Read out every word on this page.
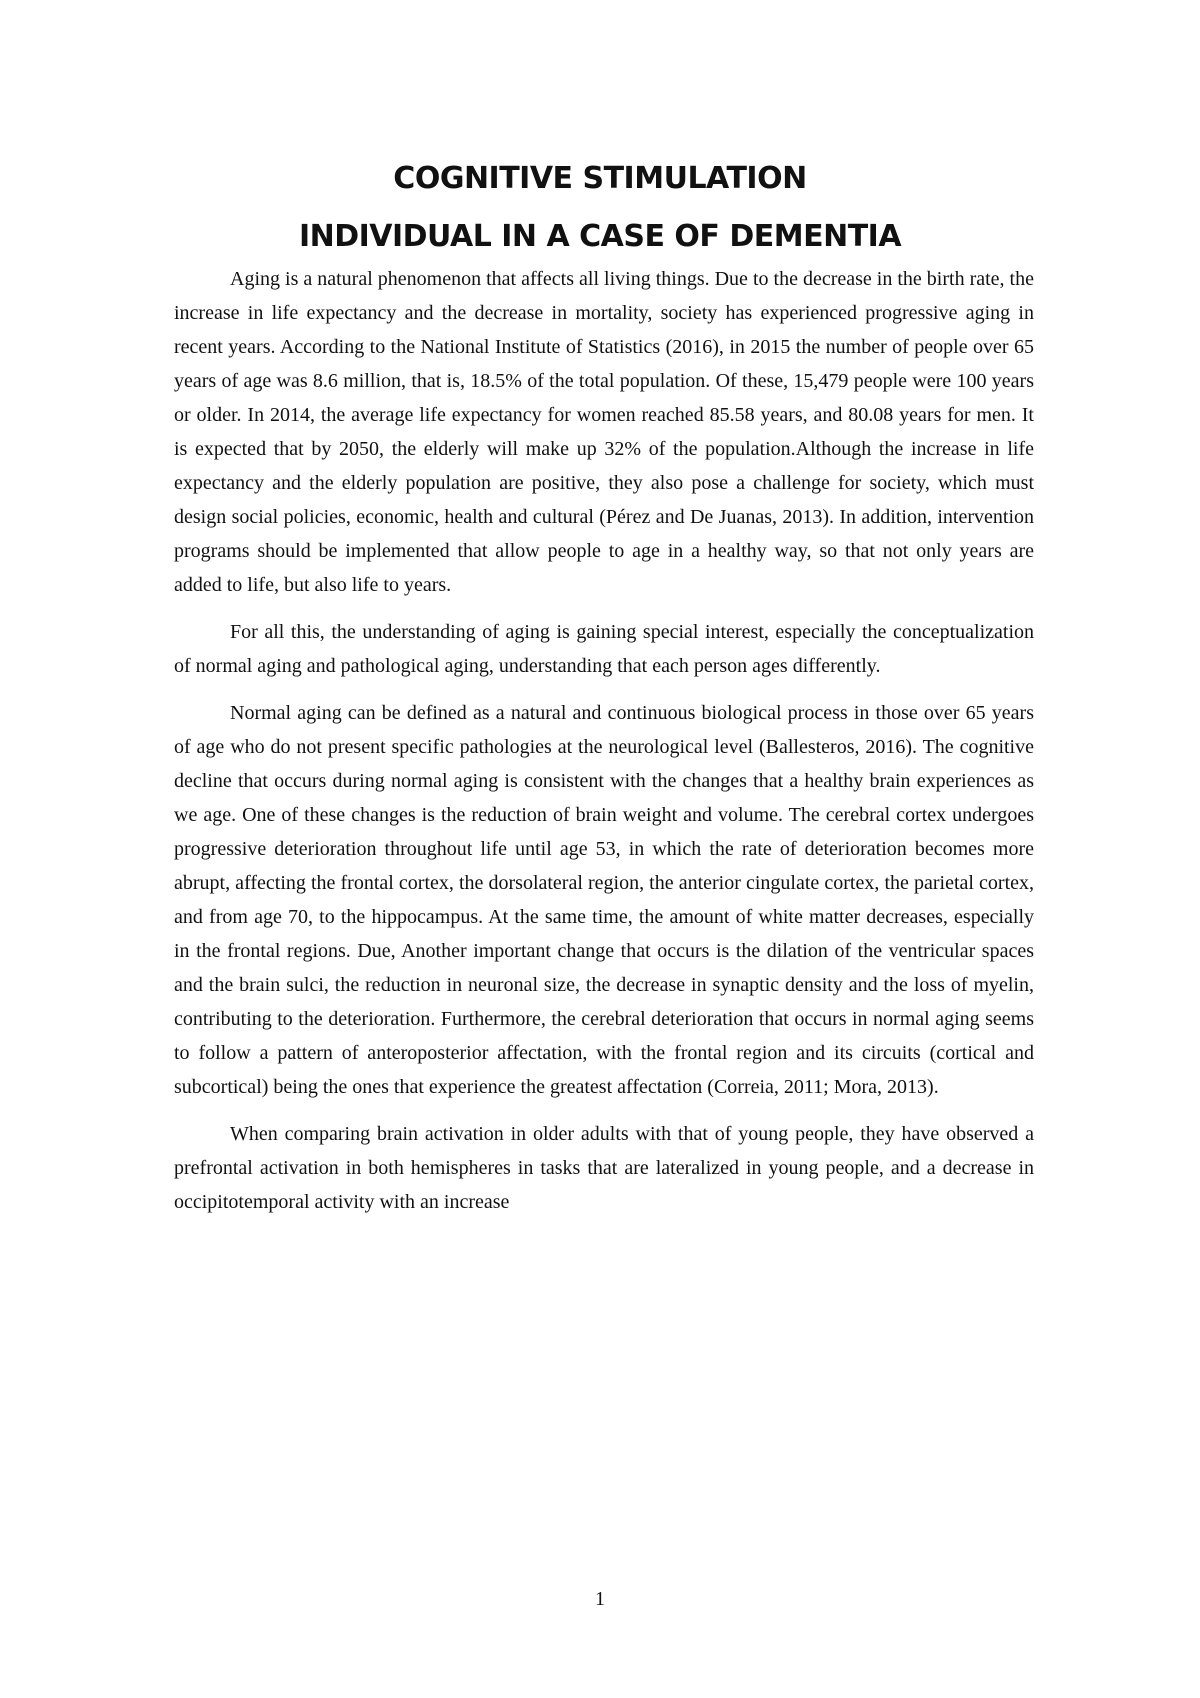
COGNITIVE STIMULATION
INDIVIDUAL IN A CASE OF DEMENTIA

Aging is a natural phenomenon that affects all living things. Due to the decrease in the birth rate, the increase in life expectancy and the decrease in mortality, society has experienced progressive aging in recent years. According to the National Institute of Statistics (2016), in 2015 the number of people over 65 years of age was 8.6 million, that is, 18.5% of the total population. Of these, 15,479 people were 100 years or older. In 2014, the average life expectancy for women reached 85.58 years, and 80.08 years for men. It is expected that by 2050, the elderly will make up 32% of the population.Although the increase in life expectancy and the elderly population are positive, they also pose a challenge for society, which must design social policies, economic, health and cultural (Pérez and De Juanas, 2013). In addition, intervention programs should be implemented that allow people to age in a healthy way, so that not only years are added to life, but also life to years.

For all this, the understanding of aging is gaining special interest, especially the conceptualization of normal aging and pathological aging, understanding that each person ages differently.

Normal aging can be defined as a natural and continuous biological process in those over 65 years of age who do not present specific pathologies at the neurological level (Ballesteros, 2016). The cognitive decline that occurs during normal aging is consistent with the changes that a healthy brain experiences as we age. One of these changes is the reduction of brain weight and volume. The cerebral cortex undergoes progressive deterioration throughout life until age 53, in which the rate of deterioration becomes more abrupt, affecting the frontal cortex, the dorsolateral region, the anterior cingulate cortex, the parietal cortex, and from age 70, to the hippocampus. At the same time, the amount of white matter decreases, especially in the frontal regions. Due, Another important change that occurs is the dilation of the ventricular spaces and the brain sulci, the reduction in neuronal size, the decrease in synaptic density and the loss of myelin, contributing to the deterioration. Furthermore, the cerebral deterioration that occurs in normal aging seems to follow a pattern of anteroposterior affectation, with the frontal region and its circuits (cortical and subcortical) being the ones that experience the greatest affectation (Correia, 2011; Mora, 2013).

When comparing brain activation in older adults with that of young people, they have observed a prefrontal activation in both hemispheres in tasks that are lateralized in young people, and a decrease in occipitotemporal activity with an increase

1
